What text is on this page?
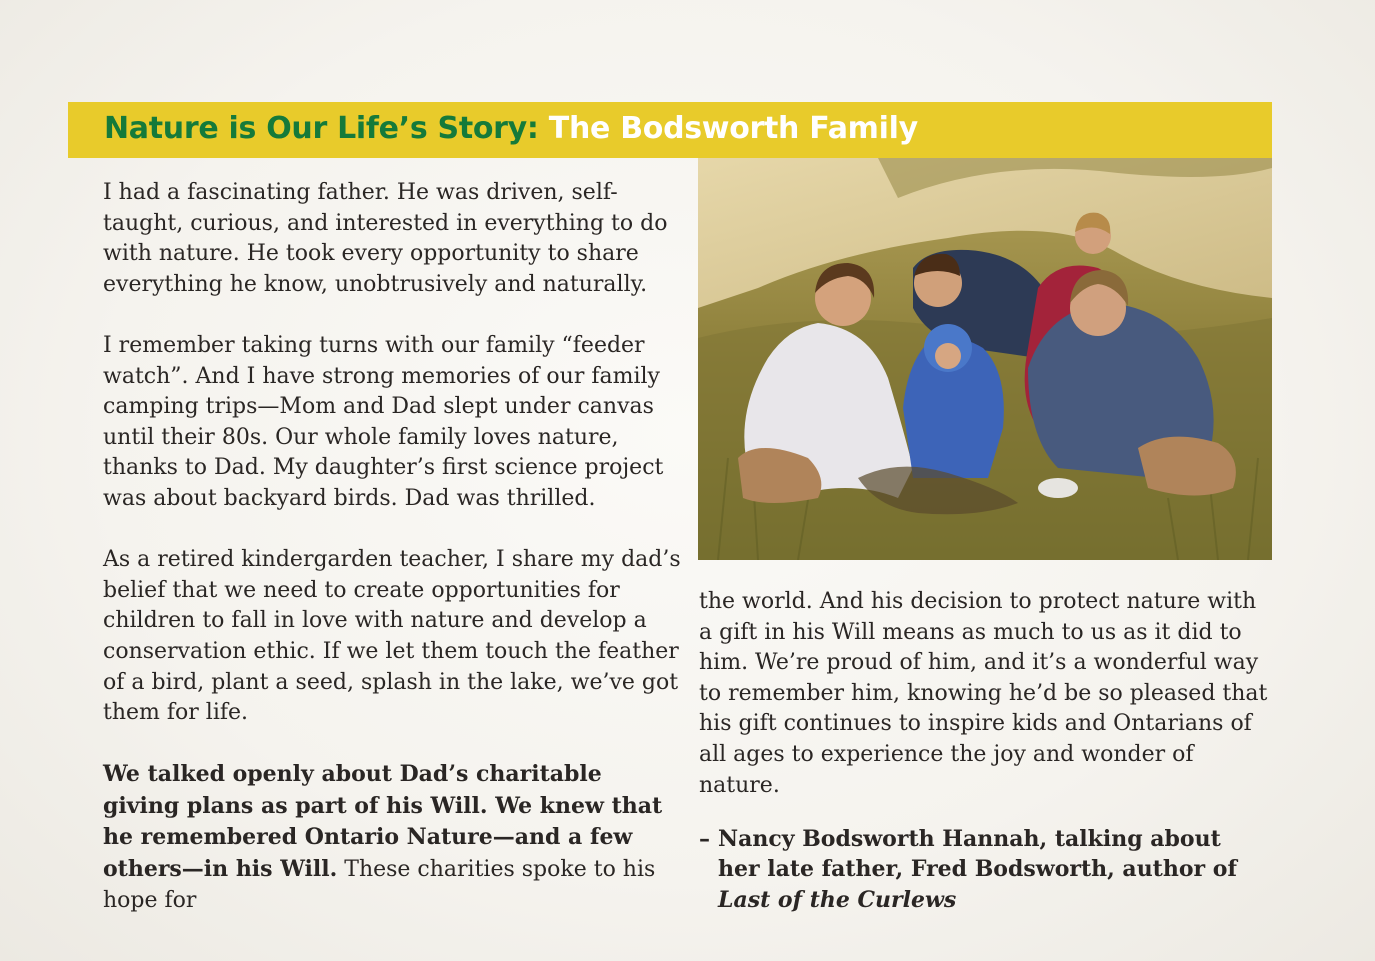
Nature is Our Life’s Story: The Bodsworth Family

I had a fascinating father. He was driven, self-taught, curious, and interested in everything to do with nature. He took every opportunity to share everything he know, unobtrusively and naturally.

I remember taking turns with our family “feeder watch”. And I have strong memories of our family camping trips—Mom and Dad slept under canvas until their 80s. Our whole family loves nature, thanks to Dad. My daughter’s first science project was about backyard birds. Dad was thrilled.

As a retired kindergarden teacher, I share my dad’s belief that we need to create opportunities for children to fall in love with nature and develop a conservation ethic. If we let them touch the feather of a bird, plant a seed, splash in the lake, we’ve got them for life.

We talked openly about Dad’s charitable giving plans as part of his Will. We knew that he remembered Ontario Nature—and a few others—in his Will. These charities spoke to his hope for

the world. And his decision to protect nature with a gift in his Will means as much to us as it did to him. We’re proud of him, and it’s a wonderful way to remember him, knowing he’d be so pleased that his gift continues to inspire kids and Ontarians of all ages to experience the joy and wonder of nature.

– Nancy Bodsworth Hannah, talking about her late father, Fred Bodsworth, author of Last of the Curlews
